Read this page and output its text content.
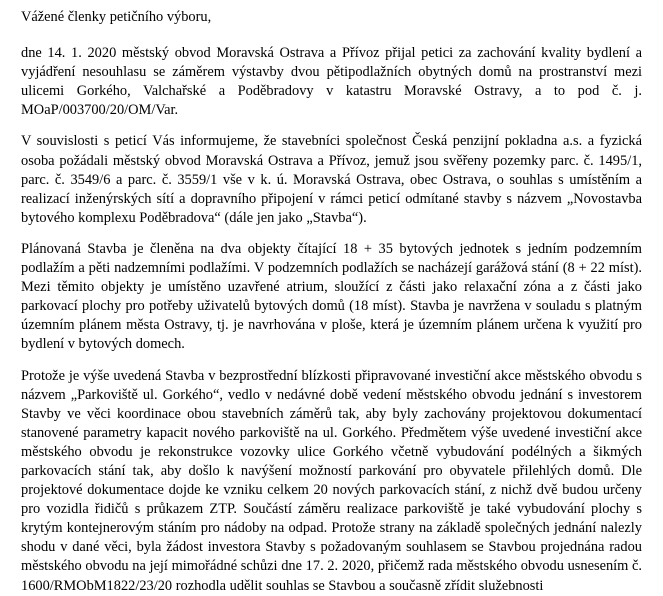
Vážené členky petičního výboru,

dne 14. 1. 2020 městský obvod Moravská Ostrava a Přívoz přijal petici za zachování kvality bydlení a vyjádření nesouhlasu se záměrem výstavby dvou pětipodlažních obytných domů na prostranství mezi ulicemi Gorkého, Valchařské a Poděbradovy v katastru Moravské Ostravy, a to pod č. j. MOaP/003700/20/OM/Var.

V souvislosti s peticí Vás informujeme, že stavebníci společnost Česká penzijní pokladna a.s. a fyzická osoba požádali městský obvod Moravská Ostrava a Přívoz, jemuž jsou svěřeny pozemky parc. č. 1495/1, parc. č. 3549/6 a parc. č. 3559/1 vše v k. ú. Moravská Ostrava, obec Ostrava, o souhlas s umístěním a realizací inženýrských sítí a dopravního připojení v rámci peticí odmítané stavby s názvem „Novostavba bytového komplexu Poděbradova“ (dále jen jako „Stavba“).

Plánovaná Stavba je členěna na dva objekty čítající 18 + 35 bytových jednotek s jedním podzemním podlažím a pěti nadzemními podlažími. V podzemních podlažích se nacházejí garážová stání (8 + 22 míst). Mezi těmito objekty je umístěno uzavřené atrium, sloužící z části jako relaxační zóna a z části jako parkovací plochy pro potřeby uživatelů bytových domů (18 míst). Stavba je navržena v souladu s platným územním plánem města Ostravy, tj. je navrhována v ploše, která je územním plánem určena k využití pro bydlení v bytových domech.

Protože je výše uvedená Stavba v bezprostřední blízkosti připravované investiční akce městského obvodu s názvem „Parkoviště ul. Gorkého“, vedlo v nedávné době vedení městského obvodu jednání s investorem Stavby ve věci koordinace obou stavebních záměrů tak, aby byly zachovány projektovou dokumentací stanovené parametry kapacit nového parkoviště na ul. Gorkého. Předmětem výše uvedené investiční akce městského obvodu je rekonstrukce vozovky ulice Gorkého včetně vybudování podélných a šikmých parkovacích stání tak, aby došlo k navýšení možností parkování pro obyvatele přilehlých domů. Dle projektové dokumentace dojde ke vzniku celkem 20 nových parkovacích stání, z nichž dvě budou určeny pro vozidla řidičů s průkazem ZTP. Součástí záměru realizace parkoviště je také vybudování plochy s krytým kontejnerovým stáním pro nádoby na odpad. Protože strany na základě společných jednání nalezly shodu v dané věci, byla žádost investora Stavby s požadovaným souhlasem se Stavbou projednána radou městského obvodu na její mimořádné schůzi dne 17. 2. 2020, přičemž rada městského obvodu usnesením č. 1600/RMObM1822/23/20 rozhodla udělit souhlas se Stavbou a současně zřídit služebnosti
